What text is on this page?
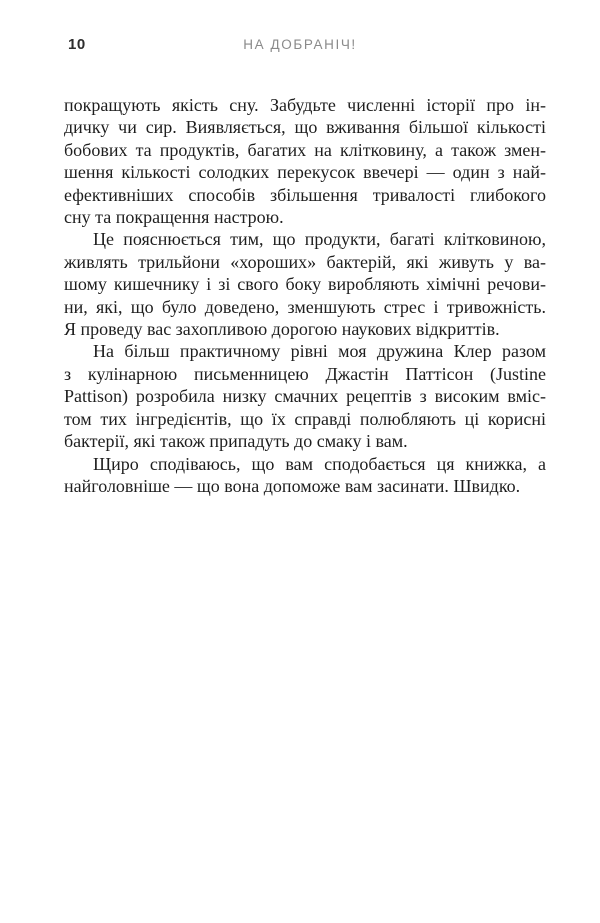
10	НА ДОБРАНІЧ!
покращують якість сну. Забудьте численні історії про ін-
дичку чи сир. Виявляється, що вживання більшої кількості
бобових та продуктів, багатих на клітковину, а також змен-
шення кількості солодких перекусок ввечері — один з най-
ефективніших способів збільшення тривалості глибокого
сну та покращення настрою.
Це пояснюється тим, що продукти, багаті клітковиною,
живлять трильйони «хороших» бактерій, які живуть у ва-
шому кишечнику і зі свого боку виробляють хімічні речови-
ни, які, що було доведено, зменшують стрес і тривожність.
Я проведу вас захопливою дорогою наукових відкриттів.
На більш практичному рівні моя дружина Клер разом
з кулінарною письменницею Джастін Паттісон (Justine
Pattison) розробила низку смачних рецептів з високим вміс-
том тих інгредієнтів, що їх справді полюбляють ці корисні
бактерії, які також припадуть до смаку і вам.
Щиро сподіваюсь, що вам сподобається ця книжка, а
найголовніше — що вона допоможе вам засинати. Швидко.
